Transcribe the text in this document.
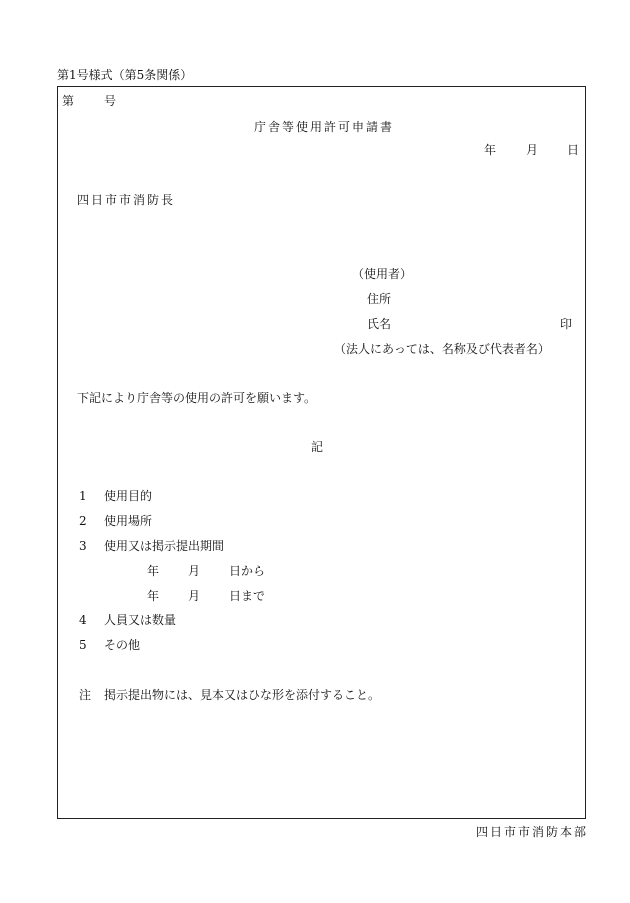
第1号様式（第5条関係）
第 号
庁舎等使用許可申請書
年 月 日
四日市市消防長
（使用者）
住所
氏名	印
（法人にあっては、名称及び代表者名）
下記により庁舎等の使用の許可を願います。
記
1 使用目的
2 使用場所
3 使用又は掲示提出期間
年 月 日から
年 月 日まで
4 人員又は数量
5 その他
注 掲示提出物には、見本又はひな形を添付すること。
四日市市消防本部
